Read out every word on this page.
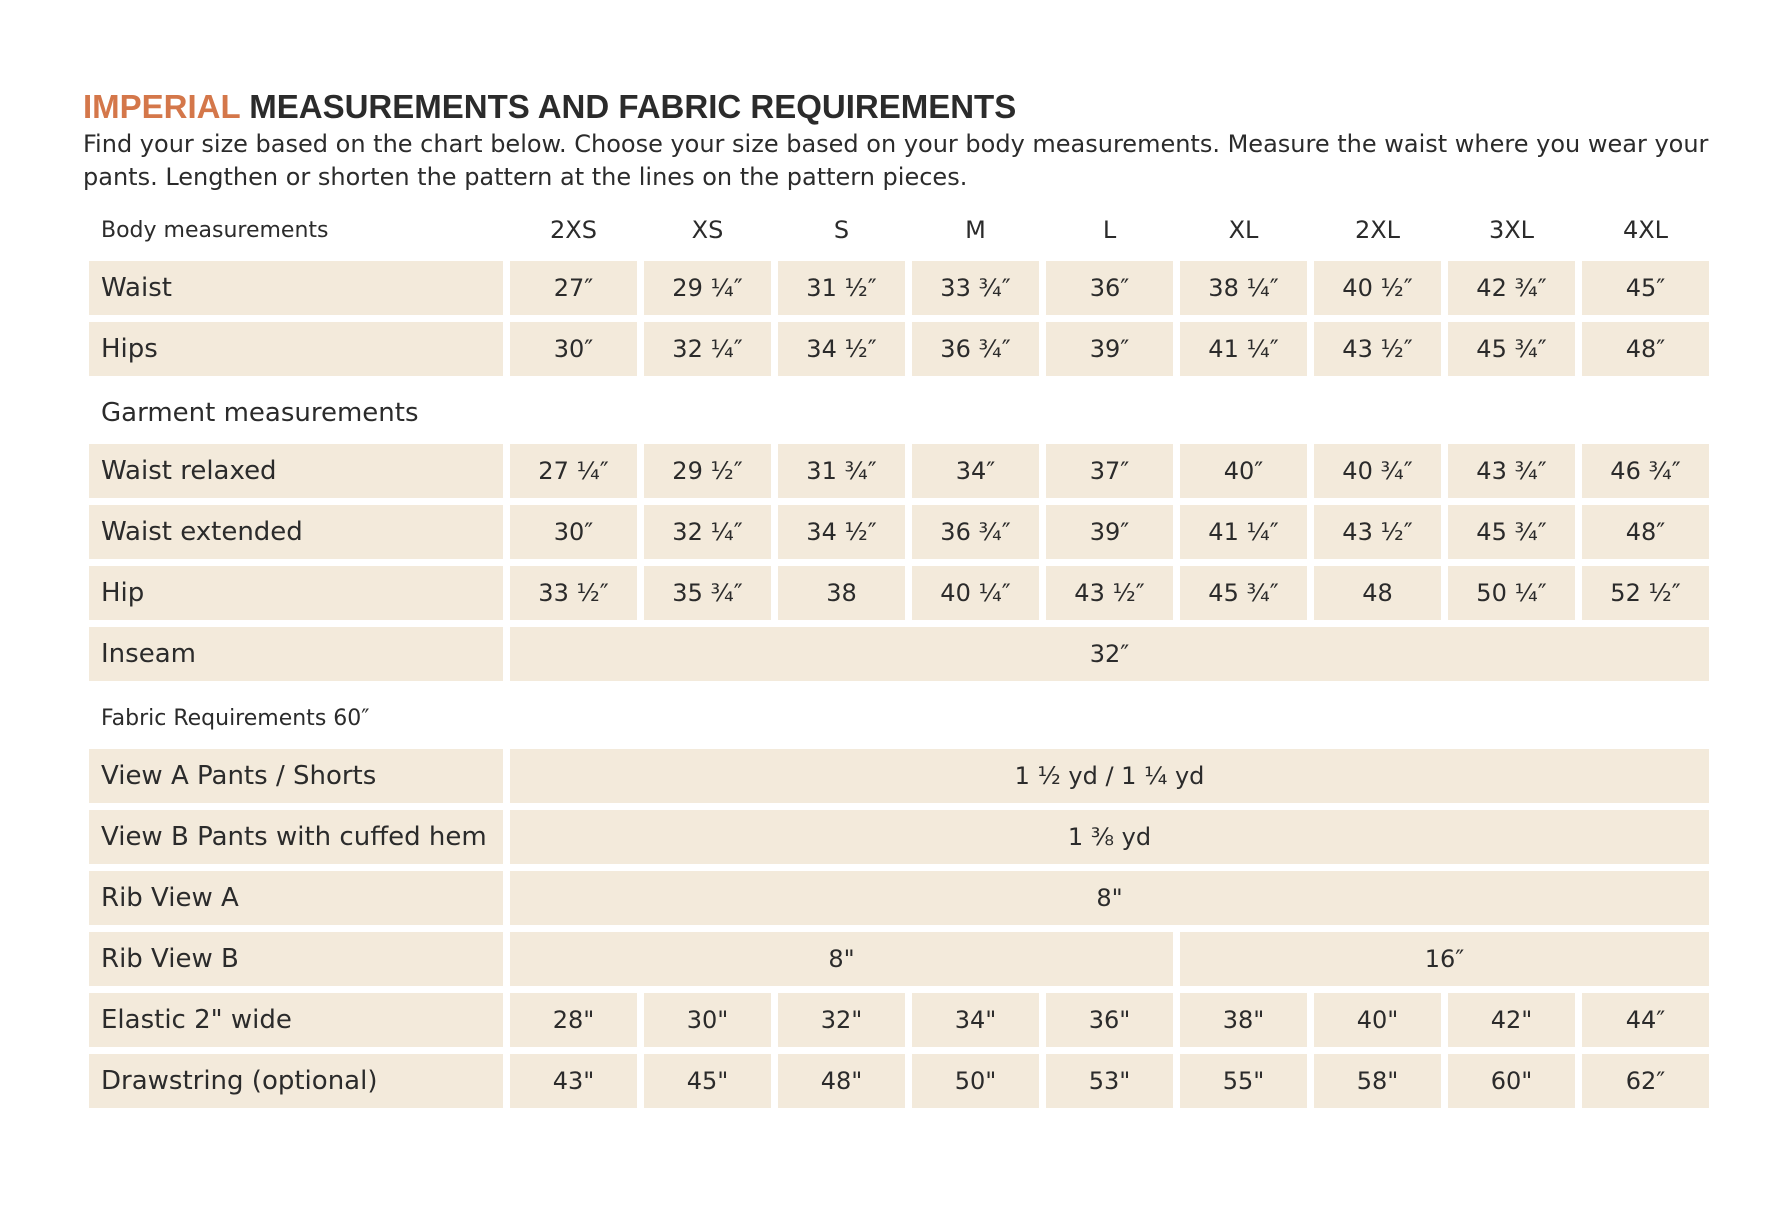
IMPERIAL MEASUREMENTS AND FABRIC REQUIREMENTS

Find your size based on the chart below. Choose your size based on your body measurements. Measure the waist where you wear your pants. Lengthen or shorten the pattern at the lines on the pattern pieces.

Body measurements	2XS	XS	S	M	L	XL	2XL	3XL	4XL
Waist	27″	29 ¼″	31 ½″	33 ¾″	36″	38 ¼″	40 ½″	42 ¾″	45″
Hips	30″	32 ¼″	34 ½″	36 ¾″	39″	41 ¼″	43 ½″	45 ¾″	48″
Garment measurements
Waist relaxed	27 ¼″	29 ½″	31 ¾″	34″	37″	40″	40 ¾″	43 ¾″	46 ¾″
Waist extended	30″	32 ¼″	34 ½″	36 ¾″	39″	41 ¼″	43 ½″	45 ¾″	48″
Hip	33 ½″	35 ¾″	38	40 ¼″	43 ½″	45 ¾″	48	50 ¼″	52 ½″
Inseam	32″
Fabric Requirements 60″
View A Pants / Shorts	1 ½ yd / 1 ¼ yd
View B Pants with cuffed hem	1 ⅜ yd
Rib View A	8"
Rib View B	8"	16″
Elastic 2" wide	28"	30"	32"	34"	36"	38"	40"	42"	44″
Drawstring (optional)	43"	45"	48"	50"	53"	55"	58"	60"	62″
